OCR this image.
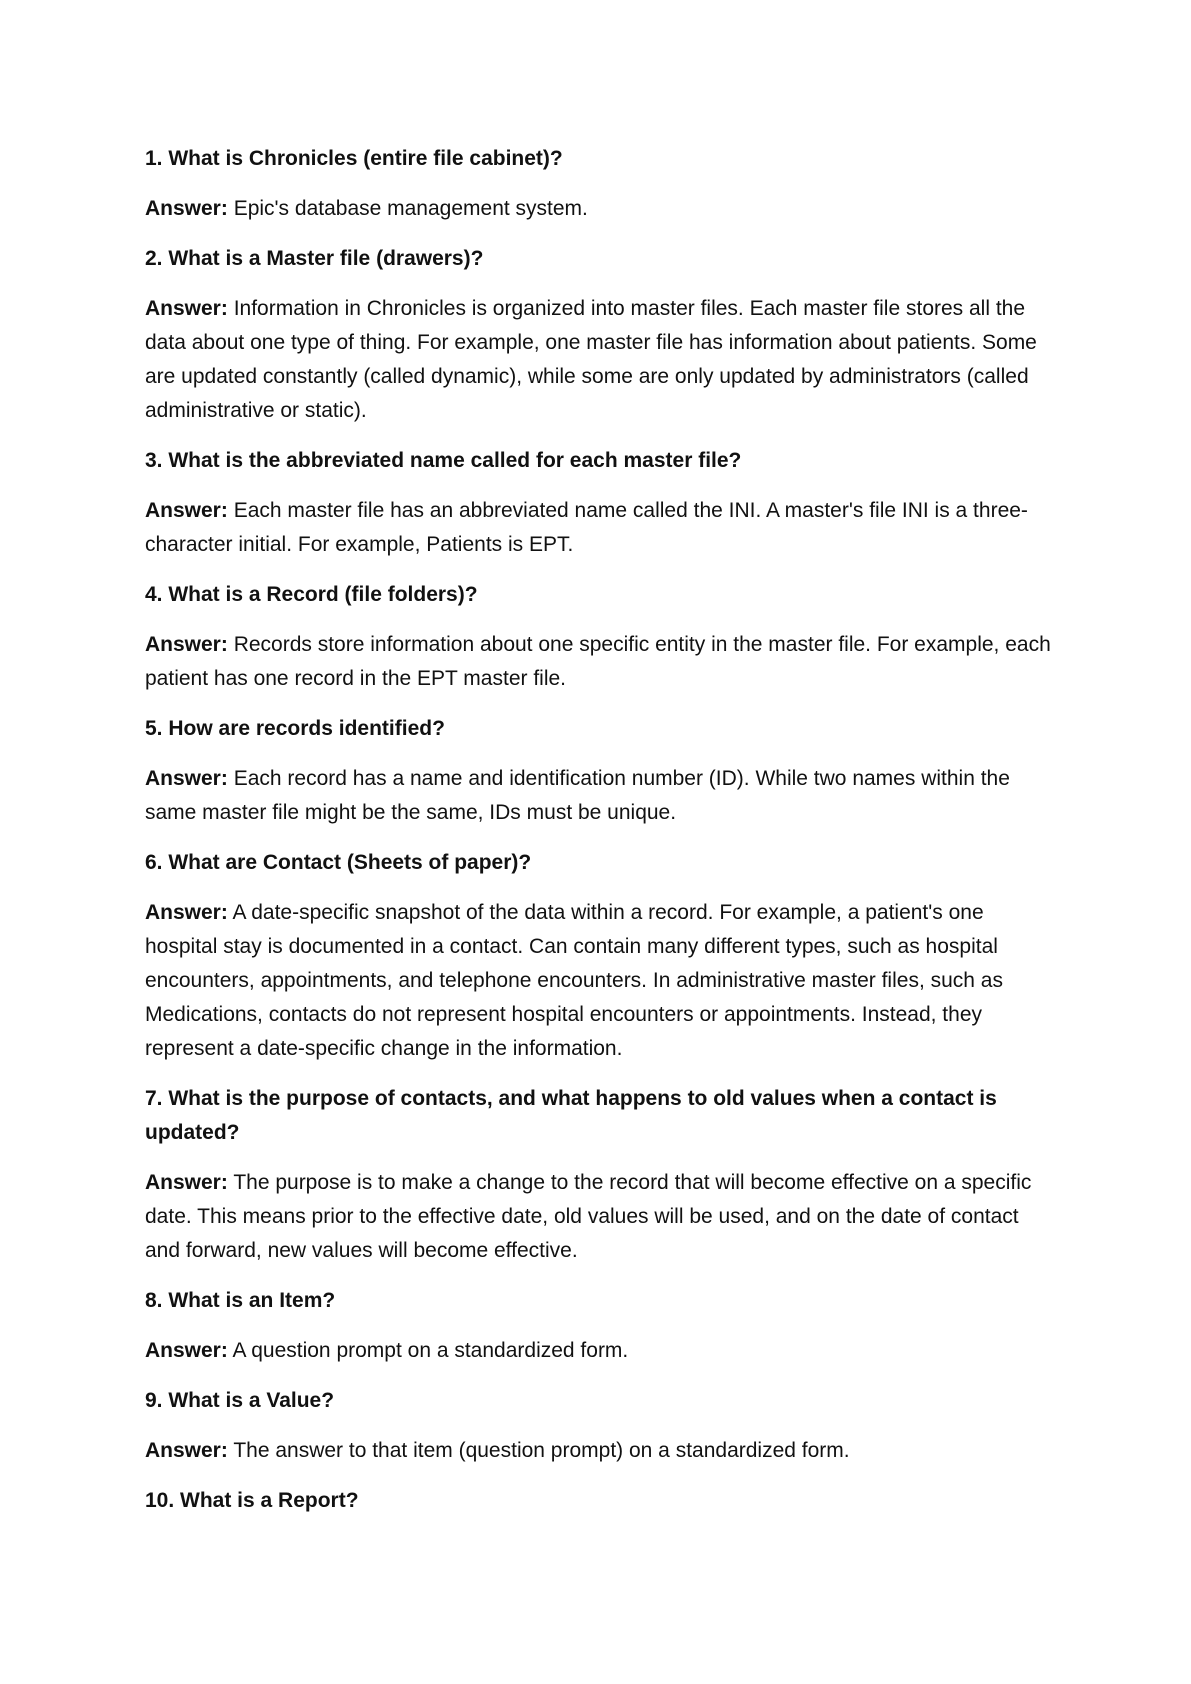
1. What is Chronicles (entire file cabinet)?

Answer: Epic's database management system.

2. What is a Master file (drawers)?

Answer: Information in Chronicles is organized into master files. Each master file stores all the data about one type of thing. For example, one master file has information about patients. Some are updated constantly (called dynamic), while some are only updated by administrators (called administrative or static).

3. What is the abbreviated name called for each master file?

Answer: Each master file has an abbreviated name called the INI. A master's file INI is a three-character initial. For example, Patients is EPT.

4. What is a Record (file folders)?

Answer: Records store information about one specific entity in the master file. For example, each patient has one record in the EPT master file.

5. How are records identified?

Answer: Each record has a name and identification number (ID). While two names within the same master file might be the same, IDs must be unique.

6. What are Contact (Sheets of paper)?

Answer: A date-specific snapshot of the data within a record. For example, a patient's one hospital stay is documented in a contact. Can contain many different types, such as hospital encounters, appointments, and telephone encounters. In administrative master files, such as Medications, contacts do not represent hospital encounters or appointments. Instead, they represent a date-specific change in the information.

7. What is the purpose of contacts, and what happens to old values when a contact is updated?

Answer: The purpose is to make a change to the record that will become effective on a specific date. This means prior to the effective date, old values will be used, and on the date of contact and forward, new values will become effective.

8. What is an Item?

Answer: A question prompt on a standardized form.

9. What is a Value?

Answer: The answer to that item (question prompt) on a standardized form.

10. What is a Report?
